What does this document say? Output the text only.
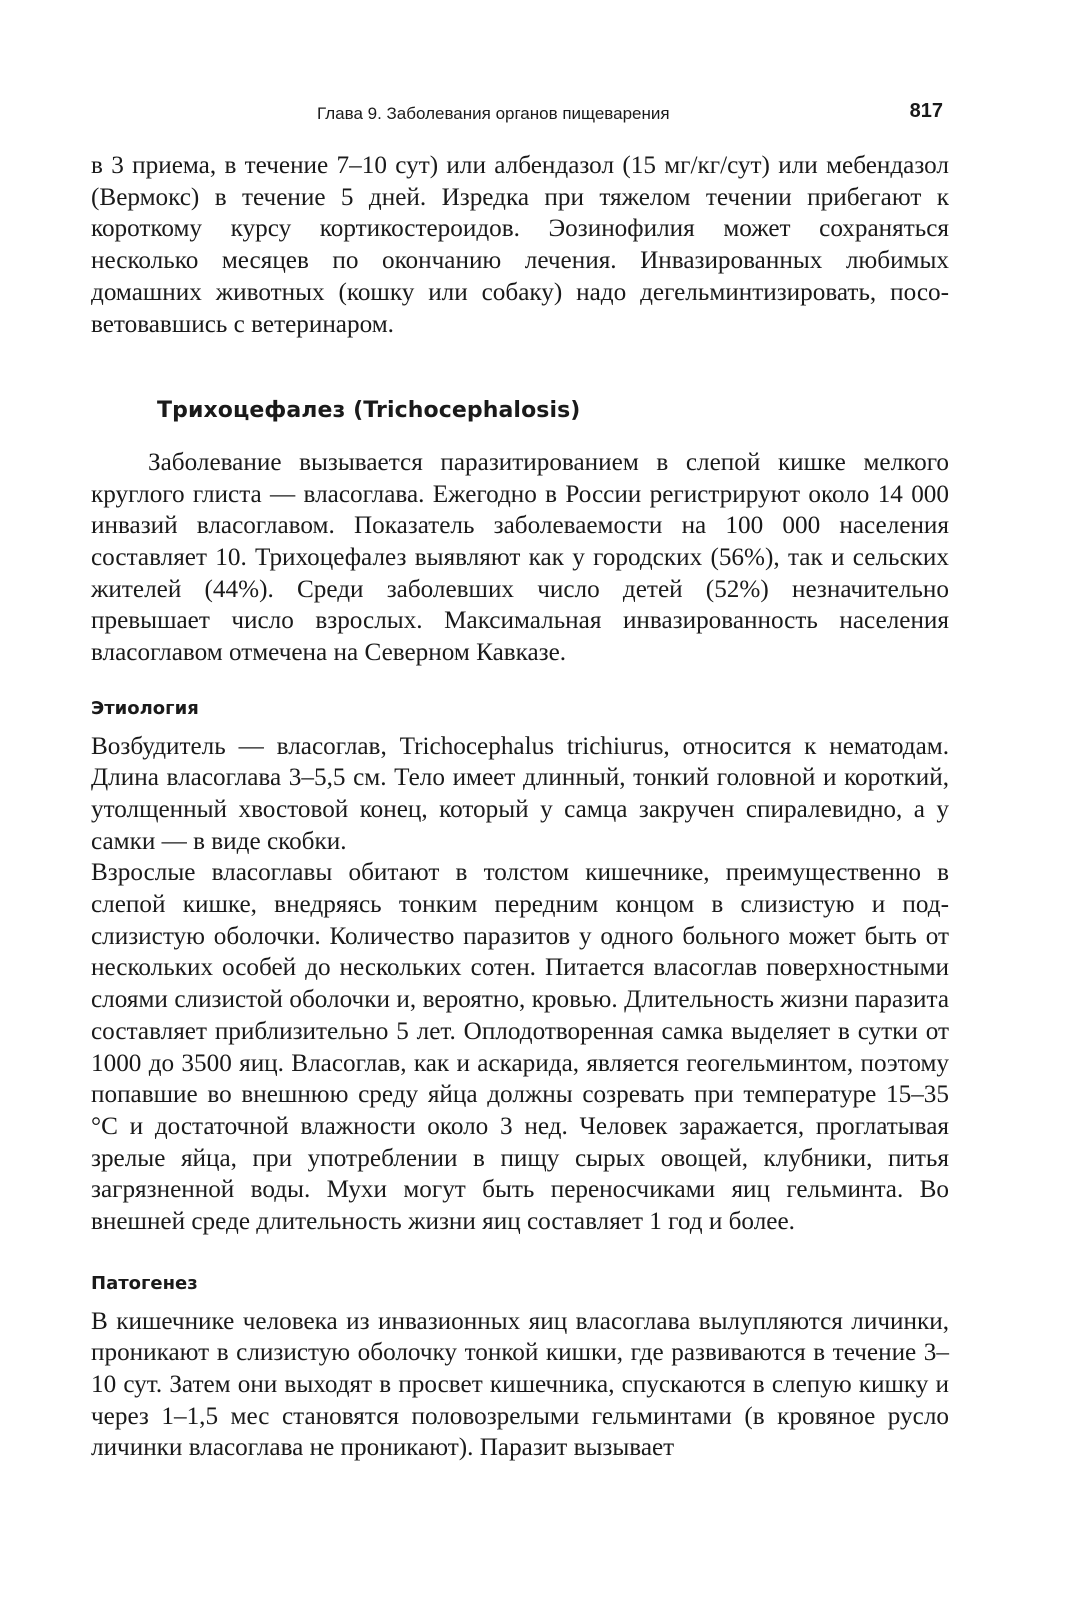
Глава 9. Заболевания органов пищеварения	817

в 3 приема, в течение 7–10 сут) или албендазол (15 мг/кг/сут) или мебендазол (Вермокс) в течение 5 дней. Изредка при тяжелом течении прибегают к короткому курсу кортикостероидов. Эозинофилия может сохраняться несколько месяцев по окончанию лечения. Инвазированных любимых домашних животных (кошку или собаку) надо дегельминтизировать, посоветовавшись с ветеринаром.

Трихоцефалез (Trichocephalosis)

Заболевание вызывается паразитированием в слепой кишке мелкого круглого глиста — власоглава. Ежегодно в России регистрируют около 14 000 инвазий власоглавом. Показатель заболеваемости на 100 000 населения составляет 10. Трихоцефалез выявляют как у городских (56%), так и сельских жителей (44%). Среди заболевших число детей (52%) незначительно превышает число взрослых. Максимальная инвазированность населения власоглавом отмечена на Северном Кавказе.

Этиология

Возбудитель — власоглав, Trichocephalus trichiurus, относится к нематодам. Длина власоглава 3–5,5 см. Тело имеет длинный, тонкий головной и короткий, утолщенный хвостовой конец, который у самца закручен спиралевидно, а у самки — в виде скобки.

Взрослые власоглавы обитают в толстом кишечнике, преимущественно в слепой кишке, внедряясь тонким передним концом в слизистую и подслизистую оболочки. Количество паразитов у одного больного может быть от нескольких особей до нескольких сотен. Питается власоглав поверхностными слоями слизистой оболочки и, вероятно, кровью. Длительность жизни паразита составляет приблизительно 5 лет. Оплодотворенная самка выделяет в сутки от 1000 до 3500 яиц. Власоглав, как и аскарида, является геогельминтом, поэтому попавшие во внешнюю среду яйца должны созревать при температуре 15–35 °С и достаточной влажности около 3 нед. Человек заражается, проглатывая зрелые яйца, при употреблении в пищу сырых овощей, клубники, питья загрязненной воды. Мухи могут быть переносчиками яиц гельминта. Во внешней среде длительность жизни яиц составляет 1 год и более.

Патогенез

В кишечнике человека из инвазионных яиц власоглава вылупляются личинки, проникают в слизистую оболочку тонкой кишки, где развиваются в течение 3–10 сут. Затем они выходят в просвет кишечника, спускаются в слепую кишку и через 1–1,5 мес становятся половозрелыми гельминтами (в кровяное русло личинки власоглава не проникают). Паразит вызывает
